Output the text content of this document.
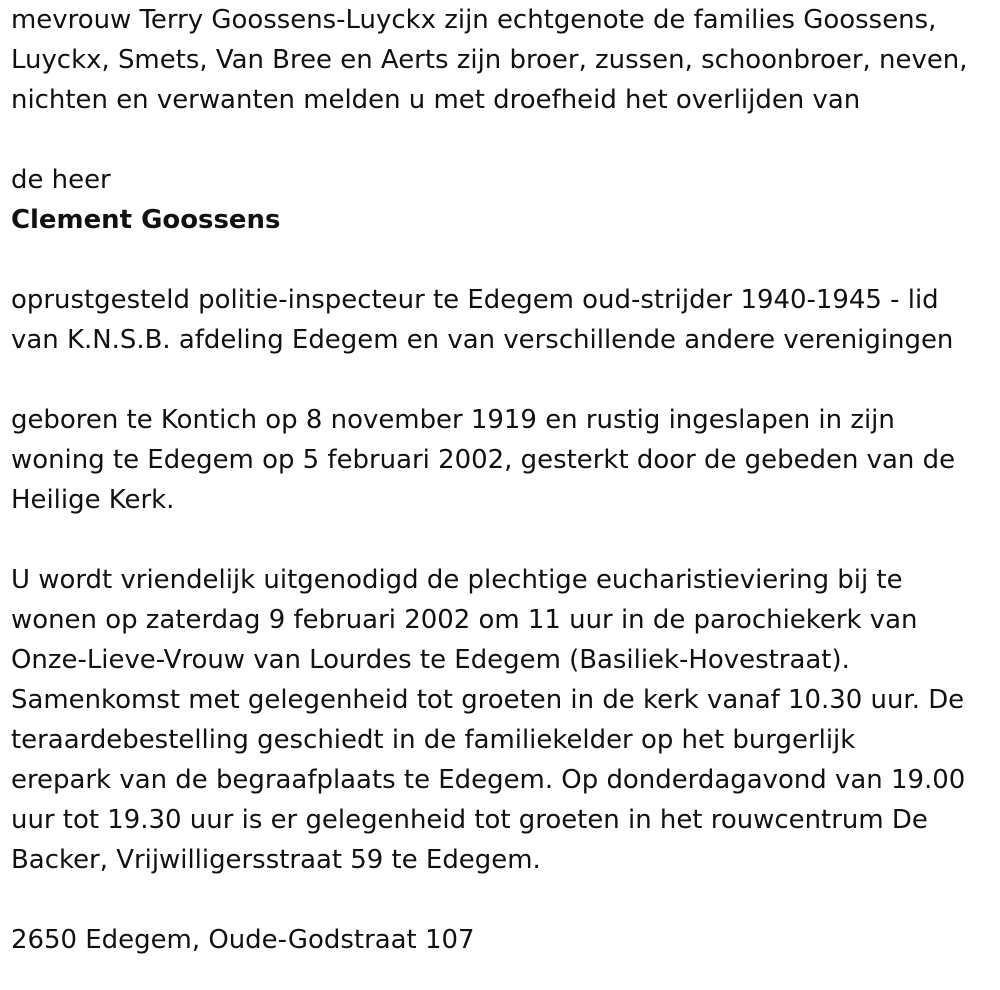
mevrouw Terry Goossens-Luyckx zijn echtgenote de families Goossens,
Luyckx, Smets, Van Bree en Aerts zijn broer, zussen, schoonbroer, neven,
nichten en verwanten melden u met droefheid het overlijden van
de heer
Clement Goossens
oprustgesteld politie-inspecteur te Edegem oud-strijder 1940-1945 - lid
van K.N.S.B. afdeling Edegem en van verschillende andere verenigingen
geboren te Kontich op 8 november 1919 en rustig ingeslapen in zijn
woning te Edegem op 5 februari 2002, gesterkt door de gebeden van de
Heilige Kerk.
U wordt vriendelijk uitgenodigd de plechtige eucharistieviering bij te
wonen op zaterdag 9 februari 2002 om 11 uur in de parochiekerk van
Onze-Lieve-Vrouw van Lourdes te Edegem (Basiliek-Hovestraat).
Samenkomst met gelegenheid tot groeten in de kerk vanaf 10.30 uur. De
teraardebestelling geschiedt in de familiekelder op het burgerlijk
erepark van de begraafplaats te Edegem. Op donderdagavond van 19.00
uur tot 19.30 uur is er gelegenheid tot groeten in het rouwcentrum De
Backer, Vrijwilligersstraat 59 te Edegem.
2650 Edegem, Oude-Godstraat 107
